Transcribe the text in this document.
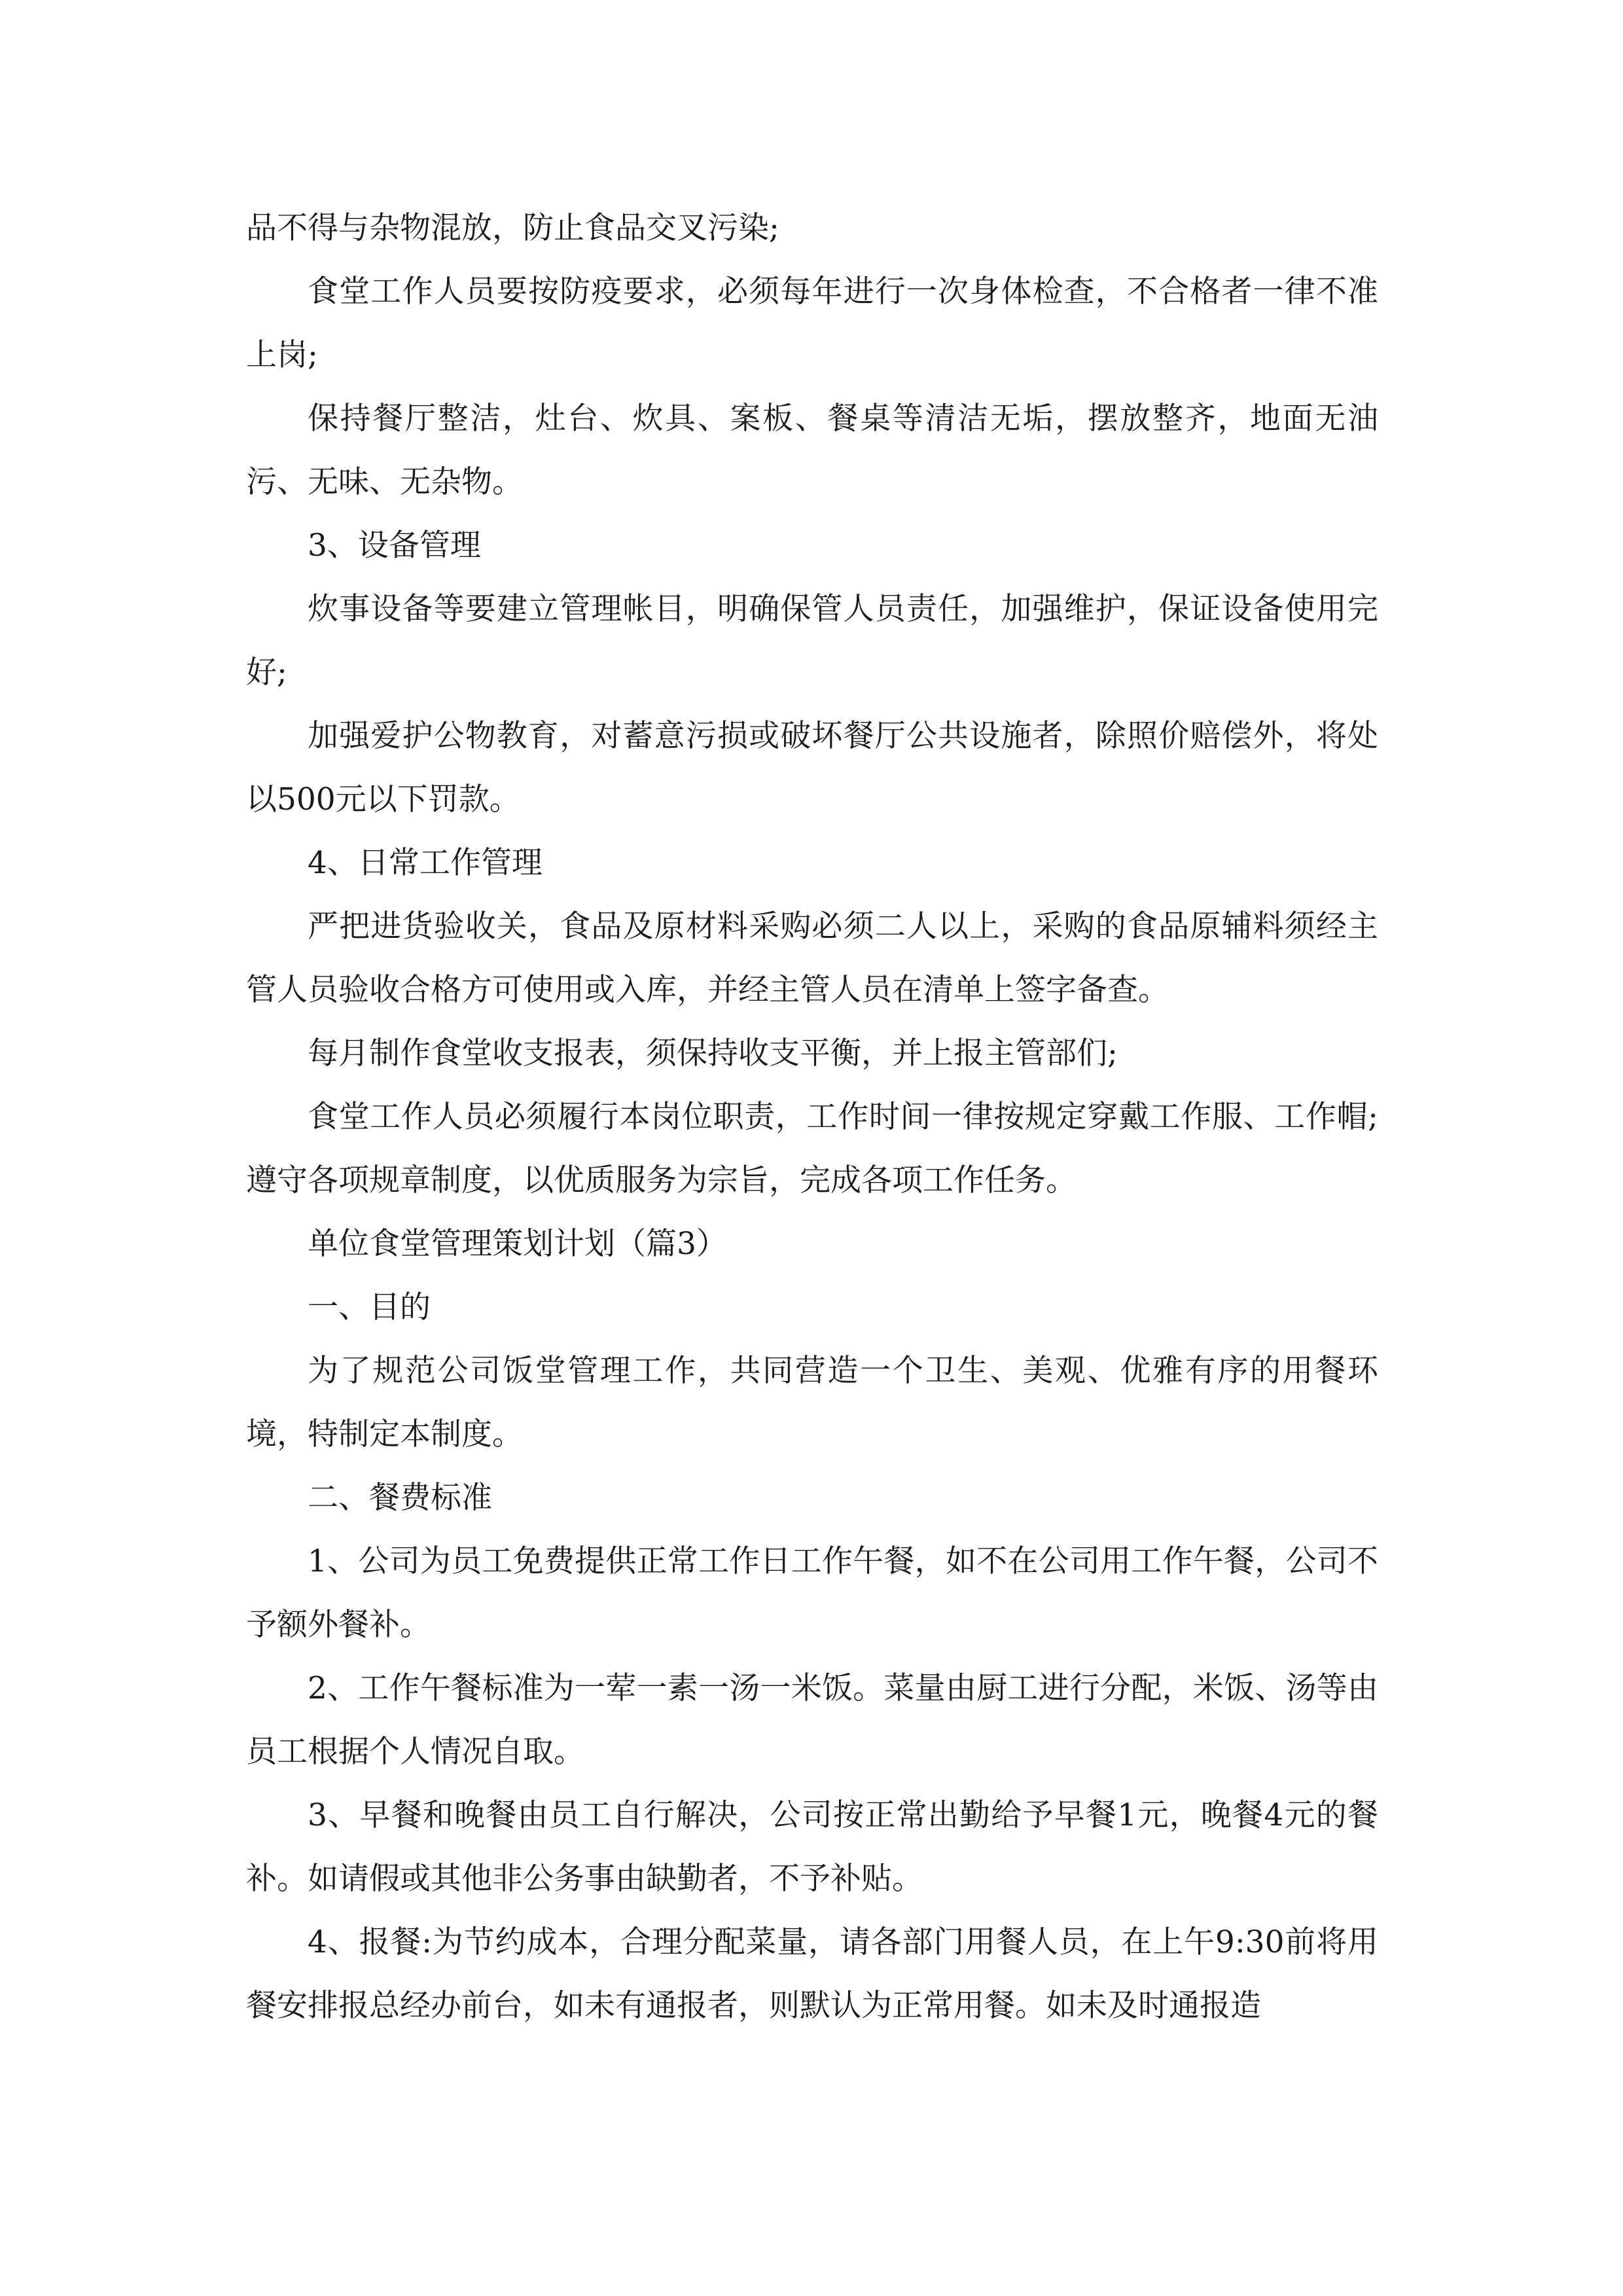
品不得与杂物混放，防止食品交叉污染;

食堂工作人员要按防疫要求，必须每年进行一次身体检查，不合格者一律不准上岗;

保持餐厅整洁，灶台、炊具、案板、餐桌等清洁无垢，摆放整齐，地面无油污、无味、无杂物。

3、设备管理

炊事设备等要建立管理帐目，明确保管人员责任，加强维护，保证设备使用完好;

加强爱护公物教育，对蓄意污损或破坏餐厅公共设施者，除照价赔偿外，将处以500元以下罚款。

4、日常工作管理

严把进货验收关，食品及原材料采购必须二人以上，采购的食品原辅料须经主管人员验收合格方可使用或入库，并经主管人员在清单上签字备查。

每月制作食堂收支报表，须保持收支平衡，并上报主管部们;

食堂工作人员必须履行本岗位职责，工作时间一律按规定穿戴工作服、工作帽;遵守各项规章制度，以优质服务为宗旨，完成各项工作任务。

单位食堂管理策划计划（篇3）

一、目的

为了规范公司饭堂管理工作，共同营造一个卫生、美观、优雅有序的用餐环境，特制定本制度。

二、餐费标准

1、公司为员工免费提供正常工作日工作午餐，如不在公司用工作午餐，公司不予额外餐补。

2、工作午餐标准为一荤一素一汤一米饭。菜量由厨工进行分配，米饭、汤等由员工根据个人情况自取。

3、早餐和晚餐由员工自行解决，公司按正常出勤给予早餐1元，晚餐4元的餐补。如请假或其他非公务事由缺勤者，不予补贴。

4、报餐:为节约成本，合理分配菜量，请各部门用餐人员，在上午9:30前将用餐安排报总经办前台，如未有通报者，则默认为正常用餐。如未及时通报造
